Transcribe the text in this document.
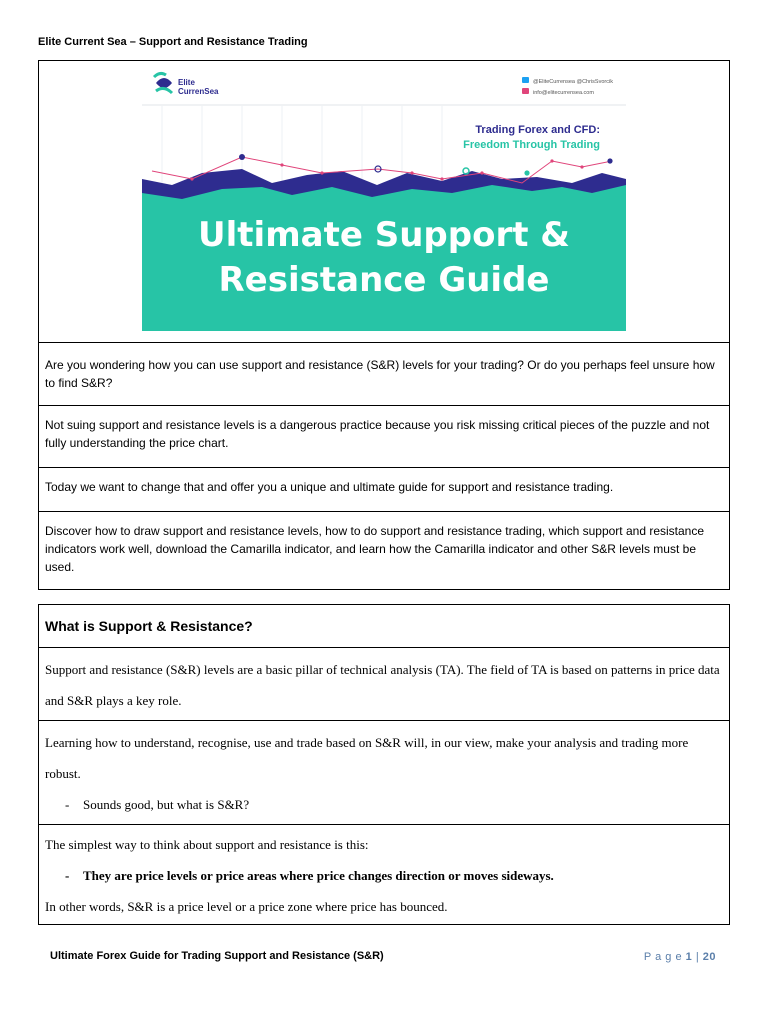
Elite Current Sea – Support and Resistance Trading
Elite
CurrenSea
@EliteCurrensea @ChrisSvorcik
info@elitecurrensea.com
Trading Forex and CFD:
Freedom Through Trading
Ultimate Support &
Resistance Guide

Are you wondering how you can use support and resistance (S&R) levels for your trading? Or do you perhaps feel unsure how to find S&R?

Not suing support and resistance levels is a dangerous practice because you risk missing critical pieces of the puzzle and not fully understanding the price chart.

Today we want to change that and offer you a unique and ultimate guide for support and resistance trading.

Discover how to draw support and resistance levels, how to do support and resistance trading, which support and resistance indicators work well, download the Camarilla indicator, and learn how the Camarilla indicator and other S&R levels must be used.

What is Support & Resistance?

Support and resistance (S&R) levels are a basic pillar of technical analysis (TA). The field of TA is based on patterns in price data and S&R plays a key role.

Learning how to understand, recognise, use and trade based on S&R will, in our view, make your analysis and trading more robust.

-	Sounds good, but what is S&R?

The simplest way to think about support and resistance is this:

-	They are price levels or price areas where price changes direction or moves sideways.

In other words, S&R is a price level or a price zone where price has bounced.

Ultimate Forex Guide for Trading Support and Resistance (S&R)	P a g e 1 | 20
